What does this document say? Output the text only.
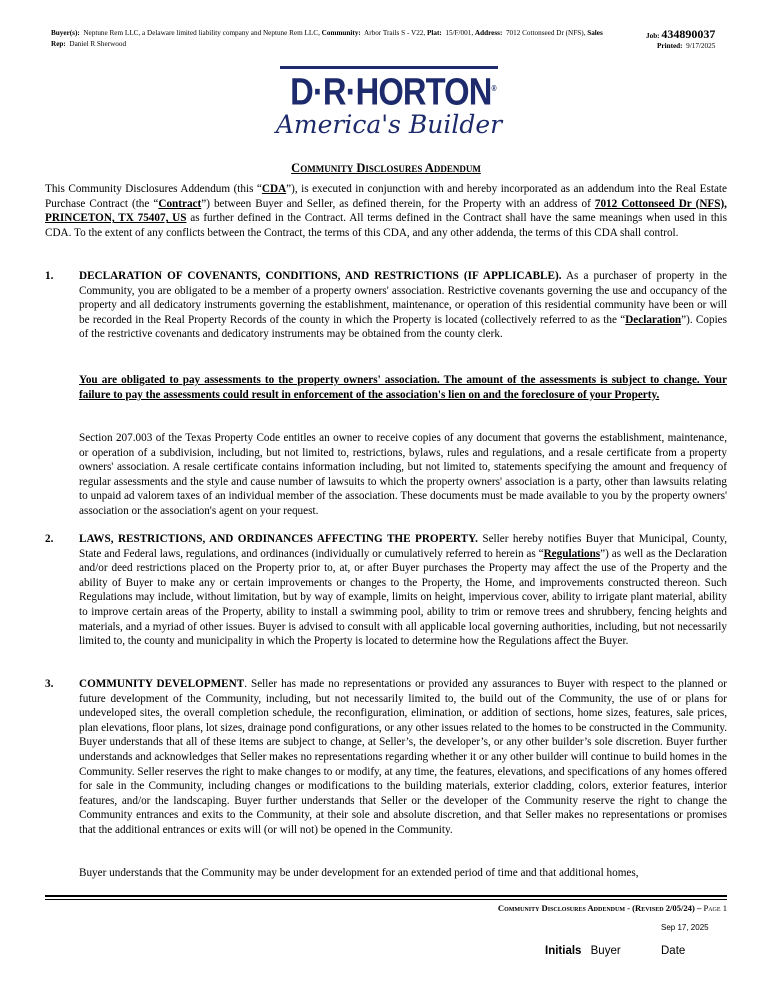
Buyer(s): Neptune Rem LLC, a Delaware limited liability company and Neptune Rem LLC, Community: Arbor Trails S - V22, Plat: 15/F/001, Address: 7012 Cottonseed Dr (NFS), Sales Rep: Daniel R Sherwood
Job: 434890037
Printed: 9/17/2025
D·R·HORTON®
America's Builder
Community Disclosures Addendum
This Community Disclosures Addendum (this “CDA”), is executed in conjunction with and hereby incorporated as an addendum into the Real Estate Purchase Contract (the “Contract”) between Buyer and Seller, as defined therein, for the Property with an address of 7012 Cottonseed Dr (NFS), PRINCETON, TX 75407, US as further defined in the Contract. All terms defined in the Contract shall have the same meanings when used in this CDA. To the extent of any conflicts between the Contract, the terms of this CDA, and any other addenda, the terms of this CDA shall control.
1. DECLARATION OF COVENANTS, CONDITIONS, AND RESTRICTIONS (IF APPLICABLE). As a purchaser of property in the Community, you are obligated to be a member of a property owners' association. Restrictive covenants governing the use and occupancy of the property and all dedicatory instruments governing the establishment, maintenance, or operation of this residential community have been or will be recorded in the Real Property Records of the county in which the Property is located (collectively referred to as the “Declaration”). Copies of the restrictive covenants and dedicatory instruments may be obtained from the county clerk.
You are obligated to pay assessments to the property owners' association. The amount of the assessments is subject to change. Your failure to pay the assessments could result in enforcement of the association's lien on and the foreclosure of your Property.
Section 207.003 of the Texas Property Code entitles an owner to receive copies of any document that governs the establishment, maintenance, or operation of a subdivision, including, but not limited to, restrictions, bylaws, rules and regulations, and a resale certificate from a property owners' association. A resale certificate contains information including, but not limited to, statements specifying the amount and frequency of regular assessments and the style and cause number of lawsuits to which the property owners' association is a party, other than lawsuits relating to unpaid ad valorem taxes of an individual member of the association. These documents must be made available to you by the property owners' association or the association's agent on your request.
2. LAWS, RESTRICTIONS, AND ORDINANCES AFFECTING THE PROPERTY. Seller hereby notifies Buyer that Municipal, County, State and Federal laws, regulations, and ordinances (individually or cumulatively referred to herein as “Regulations”) as well as the Declaration and/or deed restrictions placed on the Property prior to, at, or after Buyer purchases the Property may affect the use of the Property and the ability of Buyer to make any or certain improvements or changes to the Property, the Home, and improvements constructed thereon. Such Regulations may include, without limitation, but by way of example, limits on height, impervious cover, ability to irrigate plant material, ability to improve certain areas of the Property, ability to install a swimming pool, ability to trim or remove trees and shrubbery, fencing heights and materials, and a myriad of other issues. Buyer is advised to consult with all applicable local governing authorities, including, but not necessarily limited to, the county and municipality in which the Property is located to determine how the Regulations affect the Buyer.
3. COMMUNITY DEVELOPMENT. Seller has made no representations or provided any assurances to Buyer with respect to the planned or future development of the Community, including, but not necessarily limited to, the build out of the Community, the use of or plans for undeveloped sites, the overall completion schedule, the reconfiguration, elimination, or addition of sections, home sizes, features, sale prices, plan elevations, floor plans, lot sizes, drainage pond configurations, or any other issues related to the homes to be constructed in the Community. Buyer understands that all of these items are subject to change, at Seller’s, the developer’s, or any other builder’s sole discretion. Buyer further understands and acknowledges that Seller makes no representations regarding whether it or any other builder will continue to build homes in the Community. Seller reserves the right to make changes to or modify, at any time, the features, elevations, and specifications of any homes offered for sale in the Community, including changes or modifications to the building materials, exterior cladding, colors, exterior features, interior features, and/or the landscaping. Buyer further understands that Seller or the developer of the Community reserve the right to change the Community entrances and exits to the Community, at their sole and absolute discretion, and that Seller makes no representations or promises that the additional entrances or exits will (or will not) be opened in the Community.
Buyer understands that the Community may be under development for an extended period of time and that additional homes,
Community Disclosures Addendum - (Revised 2/05/24) – Page 1
Sep 17, 2025
Initials Buyer	Date
